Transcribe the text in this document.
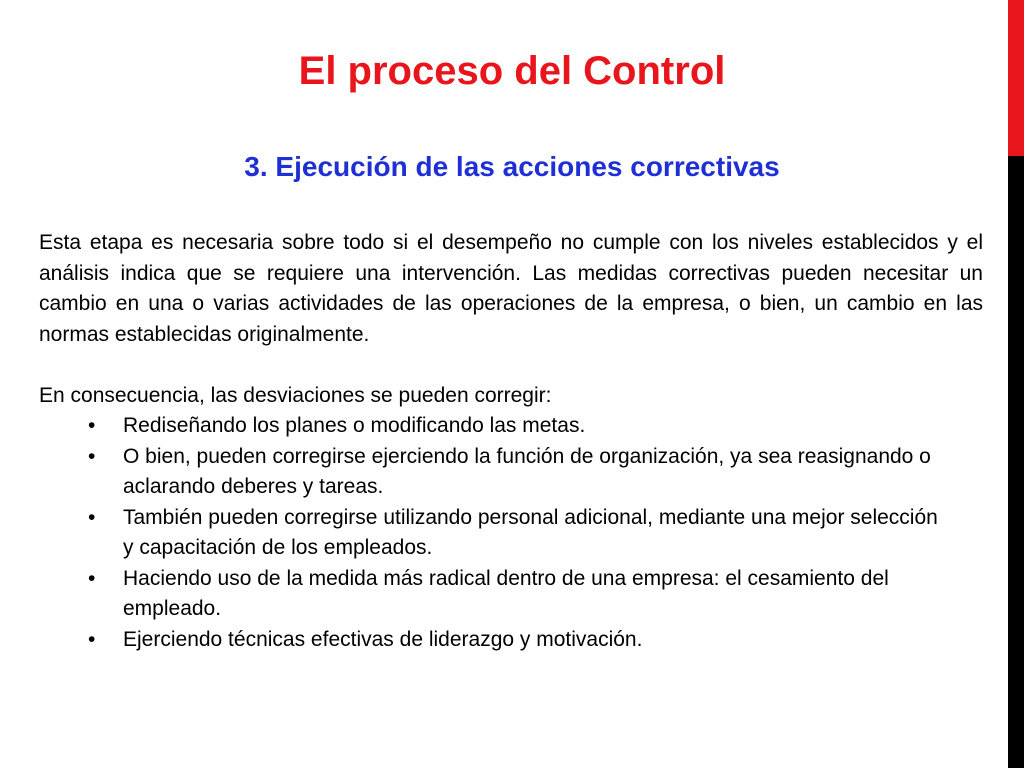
El proceso del Control
3. Ejecución de las acciones correctivas

Esta etapa es necesaria sobre todo si el desempeño no cumple con los niveles establecidos y el análisis indica que se requiere una intervención. Las medidas correctivas pueden necesitar un cambio en una o varias actividades de las operaciones de la empresa, o bien, un cambio en las normas establecidas originalmente.

En consecuencia, las desviaciones se pueden corregir:

•	Rediseñando los planes o modificando las metas.
•	O bien, pueden corregirse ejerciendo la función de organización, ya sea reasignando o aclarando deberes y tareas.
•	También pueden corregirse utilizando personal adicional, mediante una mejor selección y capacitación de los empleados.
•	Haciendo uso de la medida más radical dentro de una empresa: el cesamiento del empleado.
•	Ejerciendo técnicas efectivas de liderazgo y motivación.
